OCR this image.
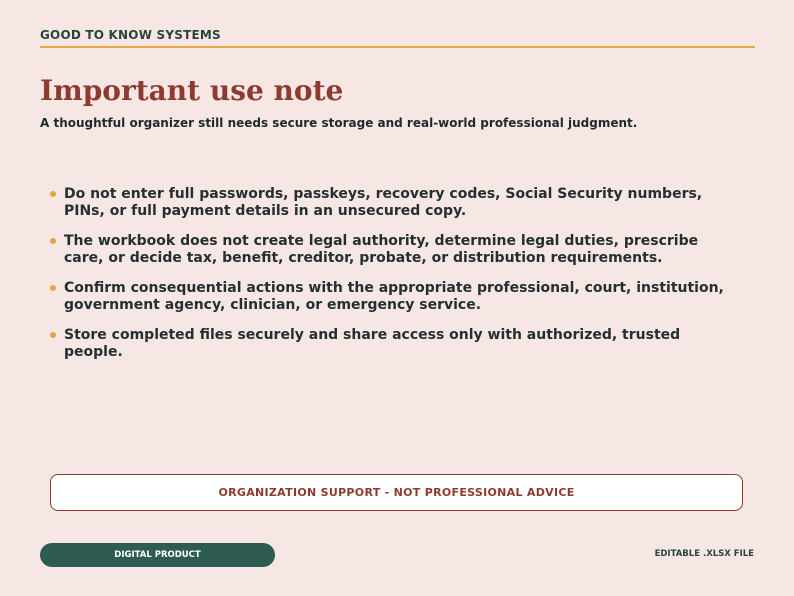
GOOD TO KNOW SYSTEMS
Important use note
A thoughtful organizer still needs secure storage and real-world professional judgment.
Do not enter full passwords, passkeys, recovery codes, Social Security numbers, PINs, or full payment details in an unsecured copy.
The workbook does not create legal authority, determine legal duties, prescribe care, or decide tax, benefit, creditor, probate, or distribution requirements.
Confirm consequential actions with the appropriate professional, court, institution, government agency, clinician, or emergency service.
Store completed files securely and share access only with authorized, trusted people.
ORGANIZATION SUPPORT - NOT PROFESSIONAL ADVICE
DIGITAL PRODUCT	EDITABLE .XLSX FILE
